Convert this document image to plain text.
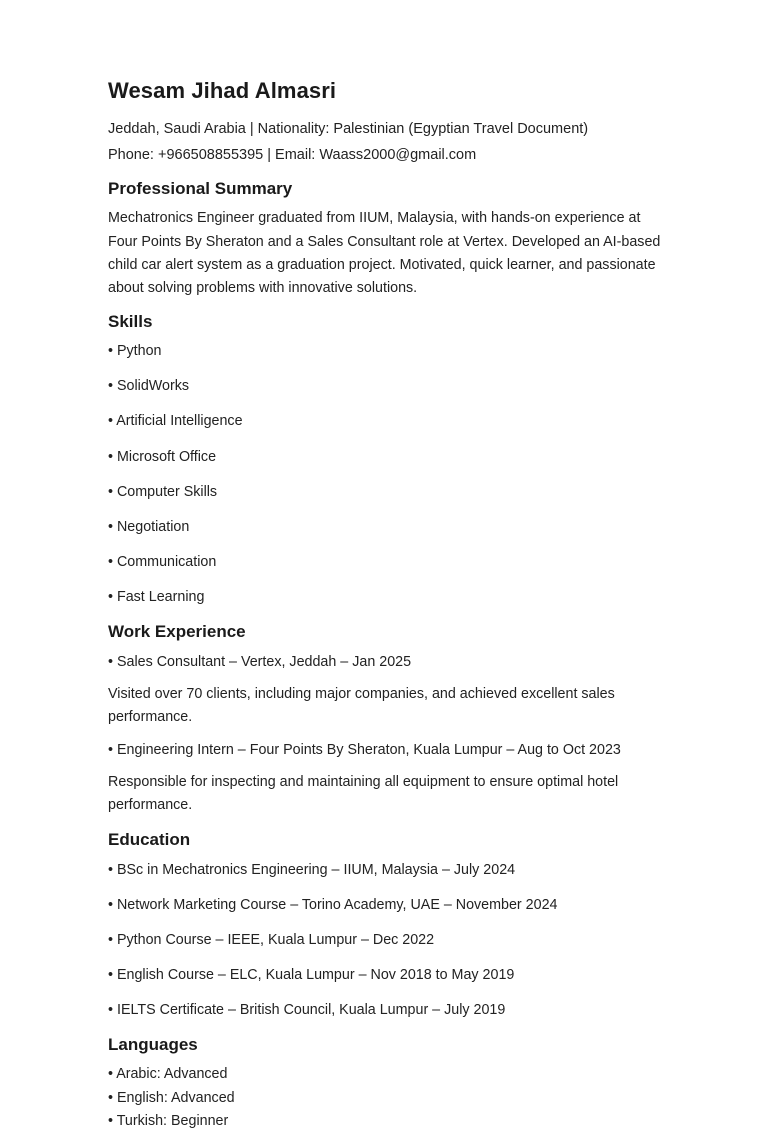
Wesam Jihad Almasri

Jeddah, Saudi Arabia | Nationality: Palestinian (Egyptian Travel Document)

Phone: +966508855395 | Email: Waass2000@gmail.com

Professional Summary

Mechatronics Engineer graduated from IIUM, Malaysia, with hands-on experience at Four Points By Sheraton and a Sales Consultant role at Vertex. Developed an AI-based child car alert system as a graduation project. Motivated, quick learner, and passionate about solving problems with innovative solutions.

Skills

• Python

• SolidWorks

• Artificial Intelligence

• Microsoft Office

• Computer Skills

• Negotiation

• Communication

• Fast Learning

Work Experience

• Sales Consultant – Vertex, Jeddah – Jan 2025

Visited over 70 clients, including major companies, and achieved excellent sales performance.

• Engineering Intern – Four Points By Sheraton, Kuala Lumpur – Aug to Oct 2023

Responsible for inspecting and maintaining all equipment to ensure optimal hotel performance.

Education

• BSc in Mechatronics Engineering – IIUM, Malaysia – July 2024

• Network Marketing Course – Torino Academy, UAE – November 2024

• Python Course – IEEE, Kuala Lumpur – Dec 2022

• English Course – ELC, Kuala Lumpur – Nov 2018 to May 2019

• IELTS Certificate – British Council, Kuala Lumpur – July 2019

Languages

• Arabic: Advanced

• English: Advanced

• Turkish: Beginner
